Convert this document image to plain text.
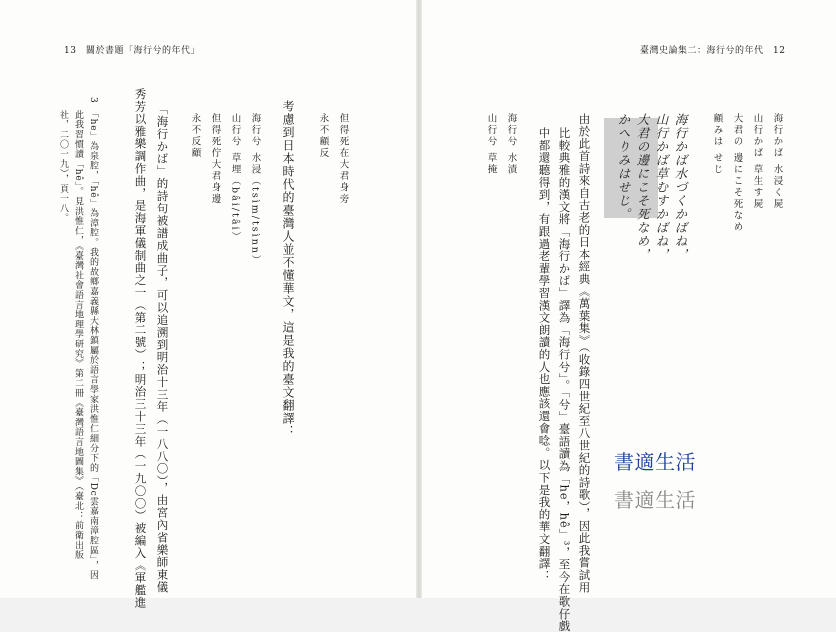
13　關於書題「海行兮的年代」	臺灣史論集二：海行兮的年代　12
海行かば 水浸く屍
山行かば 草生す屍
大君の 邊にこそ死なめ
顧みは せじ
海行かば水づくかばね，
山行かば草むすかばね，
大君の邊にこそ死なめ，
かへりみはせじ。
由於此首詩來自古老的日本經典《萬葉集》（收錄四世紀至八世紀的詩歌），因此我嘗試用
比較典雅的漢文將「海行かば」譯為「海行兮」。「兮」臺語讀為「he，hê」³，至今在歌仔戲
中都還聽得到，有跟過老輩學習漢文朗讀的人也應該還會唸。以下是我的華文翻譯：
海行兮 水漬
山行兮 草掩
但得死在大君身旁
永不顧反
考慮到日本時代的臺灣人並不懂華文，這是我的臺文翻譯：
海行兮 水浸（tsìm/tsìnn）
山行兮 草埋（bâi/tâi）
但得死佇大君身邊
永不反顧
「海行かば」的詩句被譜成曲子，可以追溯到明治十三年（一八八〇），由宮內省樂師東儀
秀芳以雅樂調作曲，是海軍儀制曲之一（第二號）；明治三十三年（一九〇〇）被編入《軍艦進
3　「he」為泉腔，「hê」為漳腔。我的故鄉嘉義縣大林鎮屬於語言學家洪惟仁細分下的「Dc雲嘉南漳腔區」，因
此我習慣讀「hê」。見洪惟仁，《臺灣社會語言地理學研究》第二冊《臺灣語言地圖集》（臺北：前衛出版
社，二〇一九），頁一八。
書適生活
書適生活
